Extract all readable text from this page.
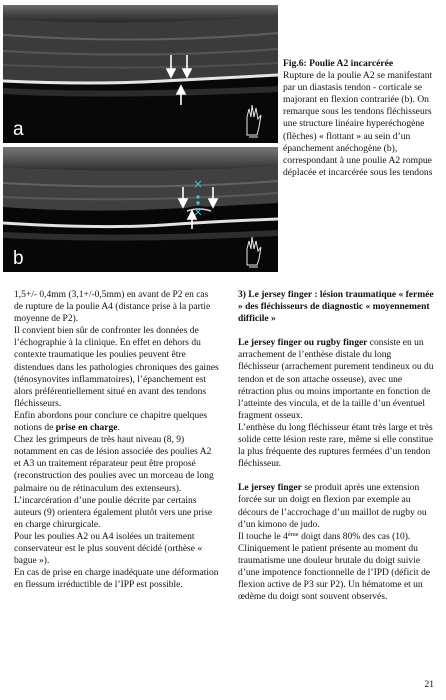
a
b
Fig.6: Poulie A2 incarcérée
Rupture de la poulie A2 se manifestant par un diastasis tendon - corticale se majorant en flexion contrariée (b). On remarque sous les tendons fléchisseurs une structure linéaire hyperéchogène (flèches) « flottant » au sein d’un épanchement anéchogène (b), correspondant à une poulie A2 rompue déplacée et incarcérée sous les tendons

1,5+/- 0,4mm (3,1+/-0,5mm) en avant de P2 en cas de rupture de la poulie A4 (distance prise à la partie moyenne de P2).

Il convient bien sûr de confronter les données de l’échographie à la clinique. En effet en dehors du contexte traumatique les poulies peuvent être distendues dans les pathologies chroniques des gaines (ténosynovites inflammatoires), l’épanchement est alors préférentiellement situé en avant des tendons fléchisseurs.

Enfin abordons pour conclure ce chapitre quelques notions de prise en charge.

Chez les grimpeurs de très haut niveau (8, 9) notamment en cas de lésion associée des poulies A2 et A3 un traitement réparateur peut être proposé (reconstruction des poulies avec un morceau de long palmaire ou de rétinaculum des extenseurs). L’incarcération d’une poulie décrite par certains auteurs (9) orientera également plutôt vers une prise en charge chirurgicale.

Pour les poulies A2 ou A4 isolées un traitement conservateur est le plus souvent décidé (orthèse « bague »).

En cas de prise en charge inadéquate une déformation en flessum irréductible de l’IPP est possible.

3) Le jersey finger : lésion traumatique « fermée » des fléchisseurs de diagnostic « moyennement difficile »

Le jersey finger ou rugby finger consiste en un arrachement de l’enthèse distale du long fléchisseur (arrachement purement tendineux ou du tendon et de son attache osseuse), avec une rétraction plus ou moins importante en fonction de l’atteinte des vincula, et de la taille d’un éventuel fragment osseux.

L’enthèse du long fléchisseur étant très large et très solide cette lésion reste rare, même si elle constitue la plus fréquente des ruptures fermées d’un tendon fléchisseur.

Le jersey finger se produit après une extension forcée sur un doigt en flexion par exemple au décours de l’accrochage d’un maillot de rugby ou d’un kimono de judo.

Il touche le 4ème doigt dans 80% des cas (10).

Cliniquement le patient présente au moment du traumatisme une douleur brutale du doigt suivie d’une impotence fonctionnelle de l’IPD (déficit de flexion active de P3 sur P2). Un hématome et un œdème du doigt sont souvent observés.

21
